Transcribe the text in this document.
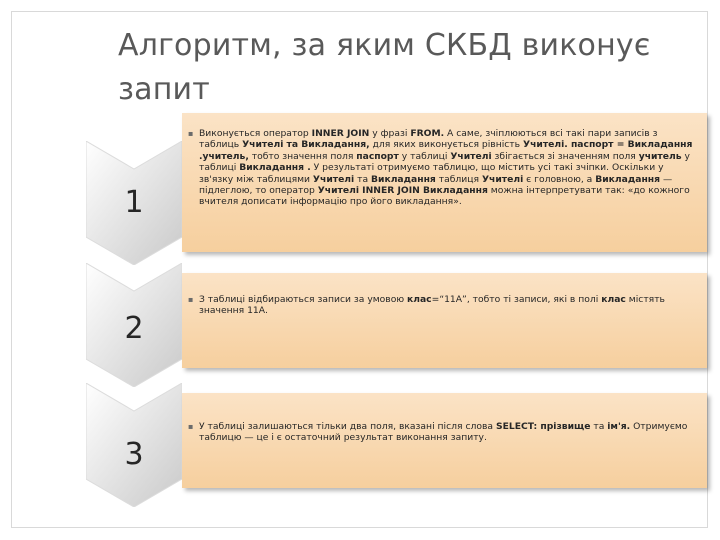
Алгоритм, за яким СКБД виконує запит
1
▪ Виконується оператор INNER JOIN у фразі FROM. А саме, зчіплюються всі такі пари записів з таблиць Учителі та Викладання, для яких виконується рівність Учителі. паспорт = Викладання .учитель, тобто значення поля паспорт у таблиці Учителі збігається зі значенням поля учитель у таблиці Викладання . У результаті отримуємо таблицю, що містить усі такі зчіпки. Оскільки у зв'язку між таблицями Учителі та Викладання таблиця Учителі є головною, а Викладання — підлеглою, то оператор Учителі INNER JOIN Викладання можна інтерпретувати так: «до кожного вчителя дописати інформацію про його викладання».
2
▪ З таблиці відбираються записи за умовою клас=“11А”, тобто ті записи, які в полі клас містять значення 11А.
3
▪ У таблиці залишаються тільки два поля, вказані після слова SELECT: прізвище та ім'я. Отримуємо таблицю — це і є остаточний результат виконання запиту.
